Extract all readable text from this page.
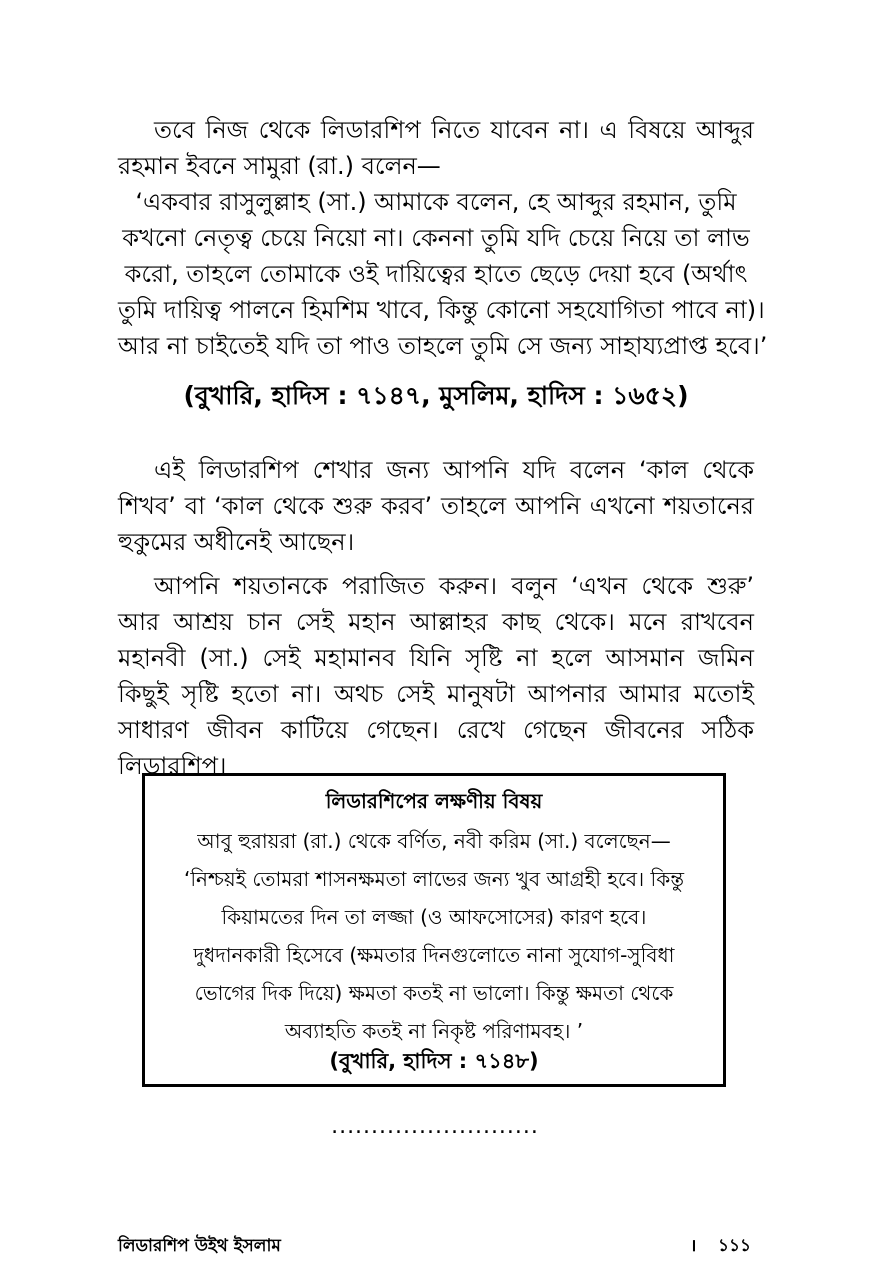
তবে নিজ থেকে লিডারশিপ নিতে যাবেন না। এ বিষয়ে আব্দুর রহমান ইবনে সামুরা (রা.) বলেন—

‘একবার রাসুলুল্লাহ (সা.) আমাকে বলেন, হে আব্দুর রহমান, তুমি
কখনো নেতৃত্ব চেয়ে নিয়ো না। কেননা তুমি যদি চেয়ে নিয়ে তা লাভ
করো, তাহলে তোমাকে ওই দায়িত্বের হাতে ছেড়ে দেয়া হবে (অর্থাৎ
তুমি দায়িত্ব পালনে হিমশিম খাবে, কিন্তু কোনো সহযোগিতা পাবে না)।
আর না চাইতেই যদি তা পাও তাহলে তুমি সে জন্য সাহায্যপ্রাপ্ত হবে।’

(বুখারি, হাদিস : ৭১৪৭, মুসলিম, হাদিস : ১৬৫২)

এই লিডারশিপ শেখার জন্য আপনি যদি বলেন ‘কাল থেকে শিখব’ বা ‘কাল থেকে শুরু করব’ তাহলে আপনি এখনো শয়তানের হুকুমের অধীনেই আছেন।

আপনি শয়তানকে পরাজিত করুন। বলুন ‘এখন থেকে শুরু’ আর আশ্রয় চান সেই মহান আল্লাহর কাছ থেকে। মনে রাখবেন মহানবী (সা.) সেই মহামানব যিনি সৃষ্টি না হলে আসমান জমিন কিছুই সৃষ্টি হতো না। অথচ সেই মানুষটা আপনার আমার মতোই সাধারণ জীবন কাটিয়ে গেছেন। রেখে গেছেন জীবনের সঠিক লিডারশিপ।

লিডারশিপের লক্ষণীয় বিষয়

আবু হুরায়রা (রা.) থেকে বর্ণিত, নবী করিম (সা.) বলেছেন—
‘নিশ্চয়ই তোমরা শাসনক্ষমতা লাভের জন্য খুব আগ্রহী হবে। কিন্তু
কিয়ামতের দিন তা লজ্জা (ও আফসোসের) কারণ হবে।
দুধদানকারী হিসেবে (ক্ষমতার দিনগুলোতে নানা সুযোগ-সুবিধা
ভোগের দিক দিয়ে) ক্ষমতা কতই না ভালো। কিন্তু ক্ষমতা থেকে
অব্যাহতি কতই না নিকৃষ্ট পরিণামবহ। ’

(বুখারি, হাদিস : ৭১৪৮)

..........................
লিডারশিপ উইথ ইসলাম	। ১১১
